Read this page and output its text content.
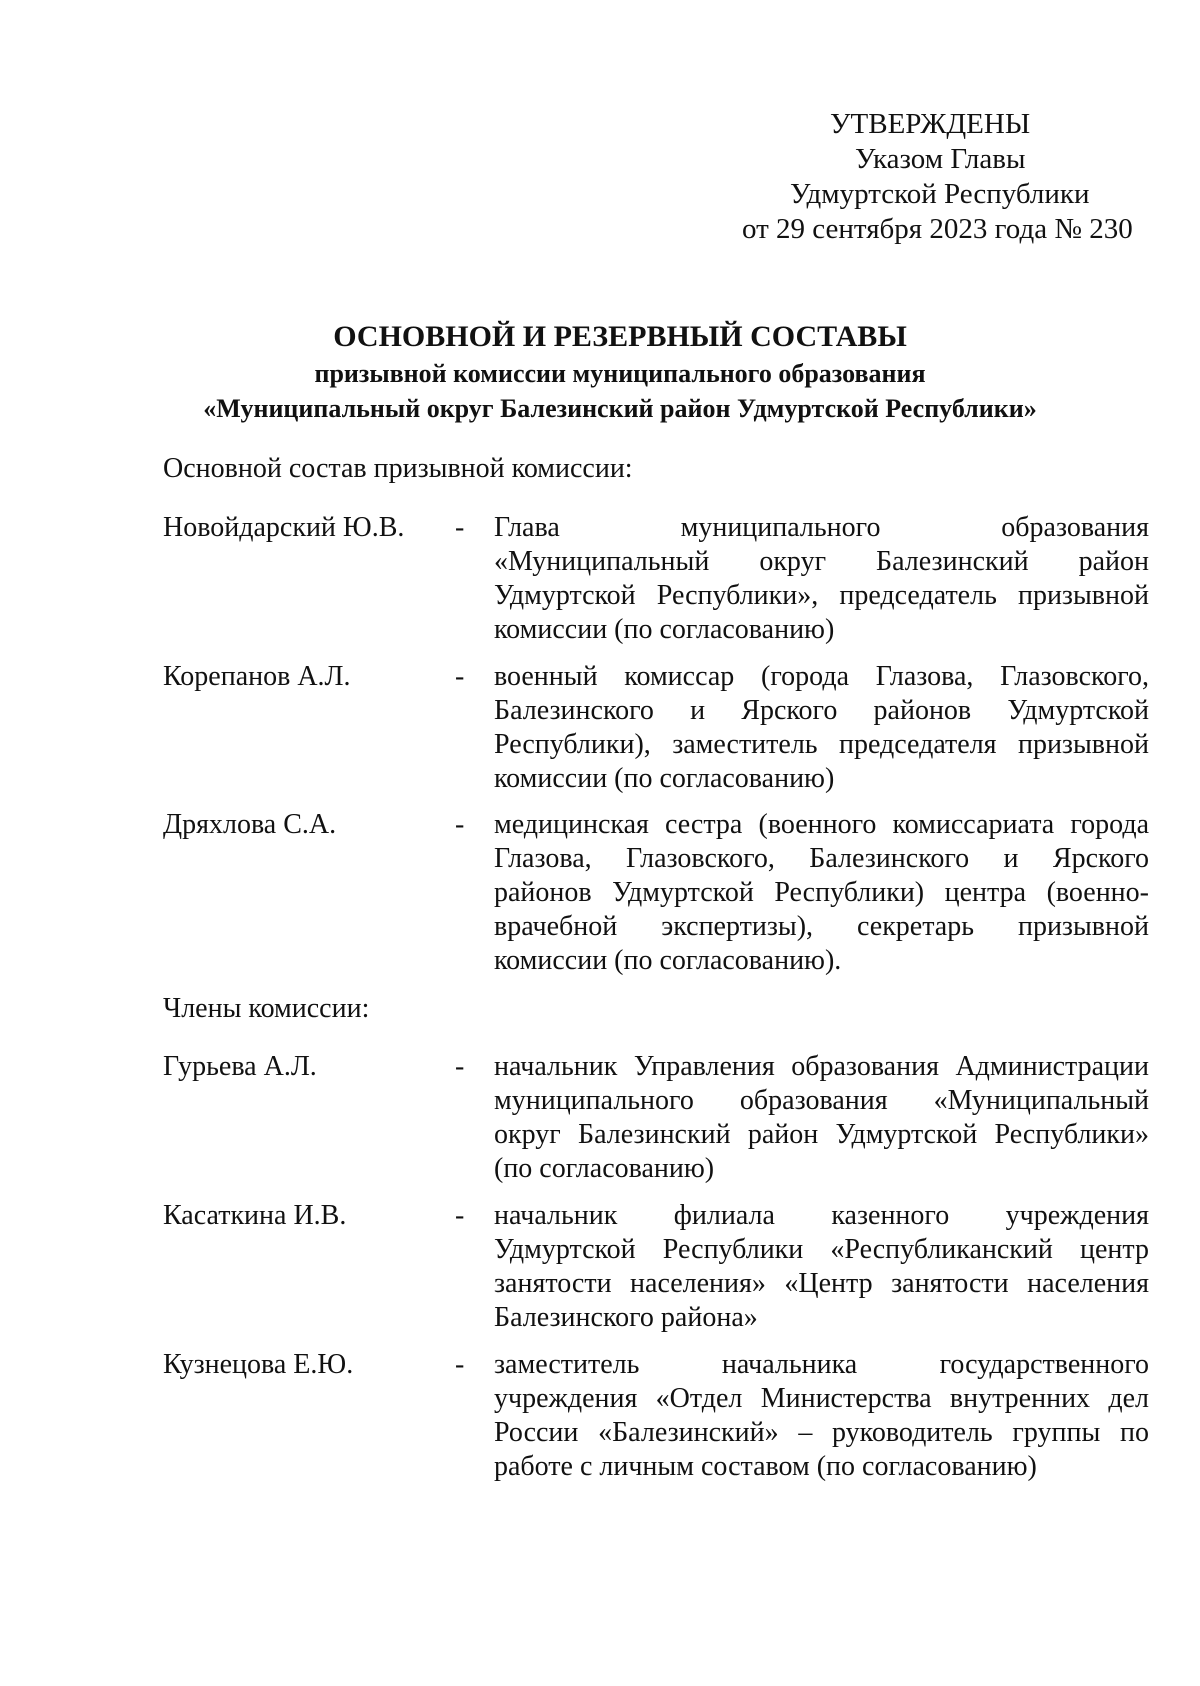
УТВЕРЖДЕНЫ
Указом Главы
Удмуртской Республики
от 29 сентября 2023 года № 230
ОСНОВНОЙ И РЕЗЕРВНЫЙ СОСТАВЫ
призывной комиссии муниципального образования
«Муниципальный округ Балезинский район Удмуртской Республики»
Основной состав призывной комиссии:
Новойдарский Ю.В. - Глава муниципального образования
«Муниципальный округ Балезинский район
Удмуртской Республики», председатель призывной
комиссии (по согласованию)
Корепанов А.Л.	- военный комиссар (города Глазова, Глазовского,
Балезинского и Ярского районов Удмуртской
Республики), заместитель председателя призывной
комиссии (по согласованию)
Дряхлова С.А.	- медицинская сестра (военного комиссариата города
Глазова, Глазовского, Балезинского и Ярского
районов Удмуртской Республики) центра (военно-
врачебной экспертизы), секретарь призывной
комиссии (по согласованию).
Члены комиссии:
Гурьева А.Л.	- начальник Управления образования Администрации
муниципального образования «Муниципальный
округ Балезинский район Удмуртской Республики»
(по согласованию)
Касаткина И.В.	- начальник филиала казенного учреждения
Удмуртской Республики «Республиканский центр
занятости населения» «Центр занятости населения
Балезинского района»
Кузнецова Е.Ю.	- заместитель начальника государственного
учреждения «Отдел Министерства внутренних дел
России «Балезинский» – руководитель группы по
работе с личным составом (по согласованию)
